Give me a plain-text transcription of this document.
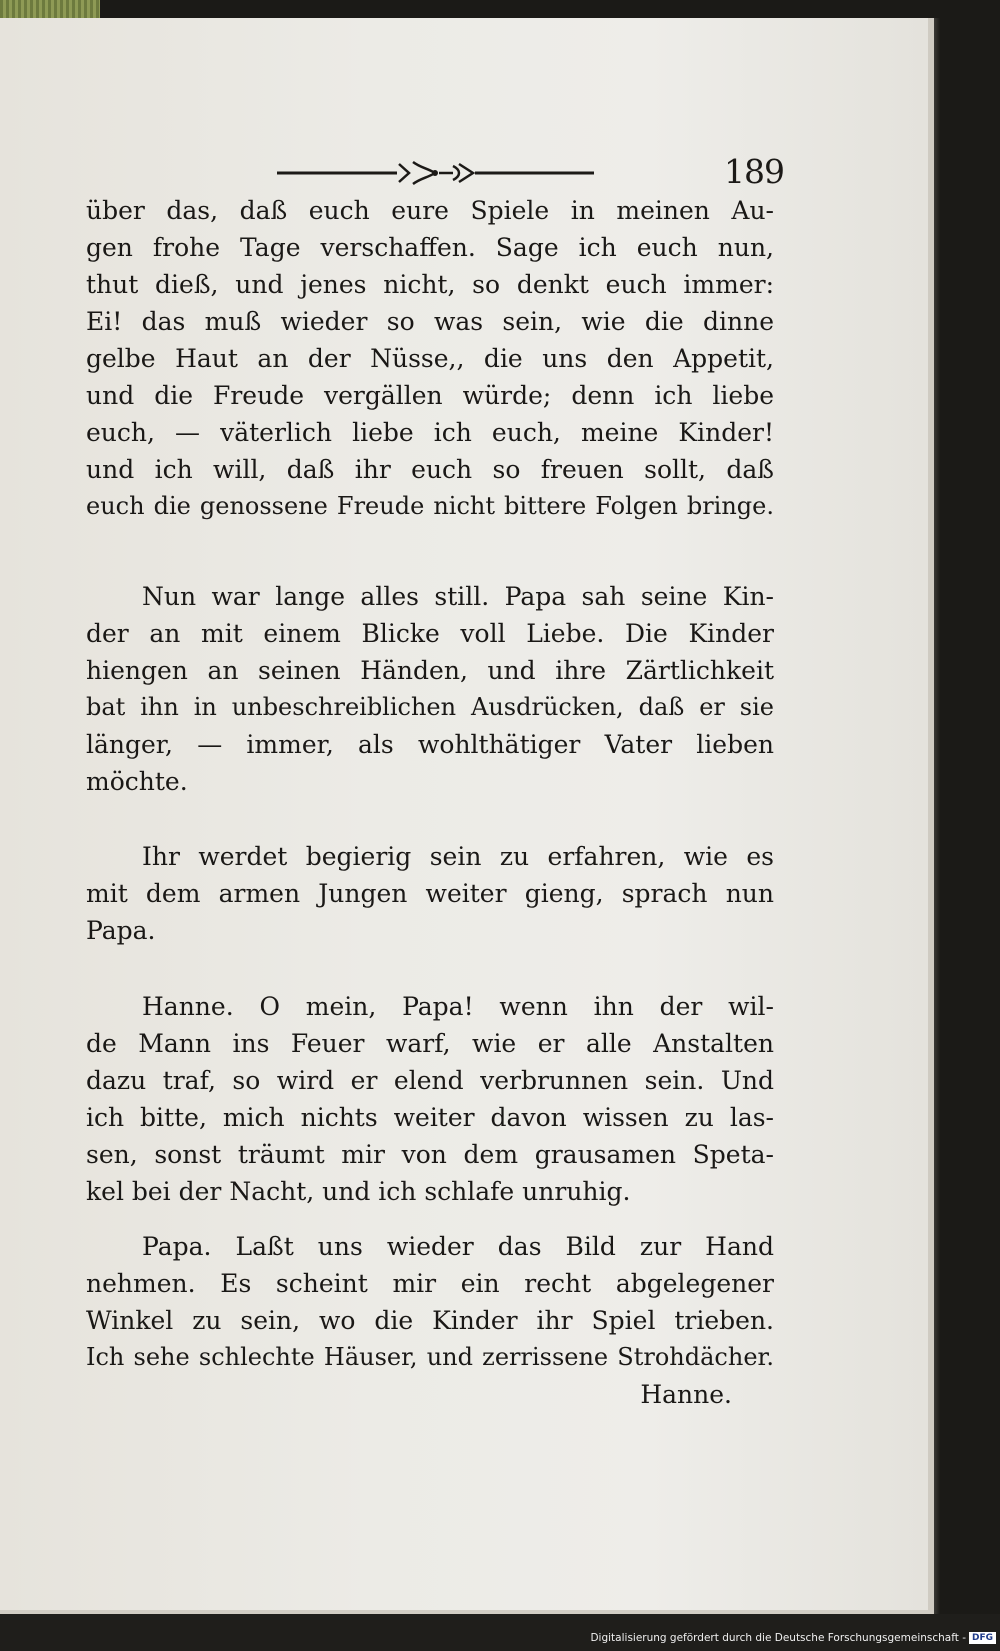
189
über das, daß euch eure Spiele in meinen Au-
gen frohe Tage verschaffen. Sage ich euch nun,
thut dieß, und jenes nicht, so denkt euch immer:
Ei! das muß wieder so was sein, wie die dinne
gelbe Haut an der Nüsse,, die uns den Appetit,
und die Freude vergällen würde; denn ich liebe
euch, — väterlich liebe ich euch, meine Kinder!
und ich will, daß ihr euch so freuen sollt, daß
euch die genossene Freude nicht bittere Folgen bringe.
Nun war lange alles still. Papa sah seine Kin-
der an mit einem Blicke voll Liebe. Die Kinder
hiengen an seinen Händen, und ihre Zärtlichkeit
bat ihn in unbeschreiblichen Ausdrücken, daß er sie
länger, — immer, als wohlthätiger Vater lieben
möchte.
Ihr werdet begierig sein zu erfahren, wie es
mit dem armen Jungen weiter gieng, sprach nun
Papa.
Hanne. O mein, Papa! wenn ihn der wil-
de Mann ins Feuer warf, wie er alle Anstalten
dazu traf, so wird er elend verbrunnen sein. Und
ich bitte, mich nichts weiter davon wissen zu las-
sen, sonst träumt mir von dem grausamen Speta-
kel bei der Nacht, und ich schlafe unruhig.
Papa. Laßt uns wieder das Bild zur Hand
nehmen. Es scheint mir ein recht abgelegener
Winkel zu sein, wo die Kinder ihr Spiel trieben.
Ich sehe schlechte Häuser, und zerrissene Strohdächer.
Hanne.
Digitalisierung gefördert durch die Deutsche Forschungsgemeinschaft - DFG
